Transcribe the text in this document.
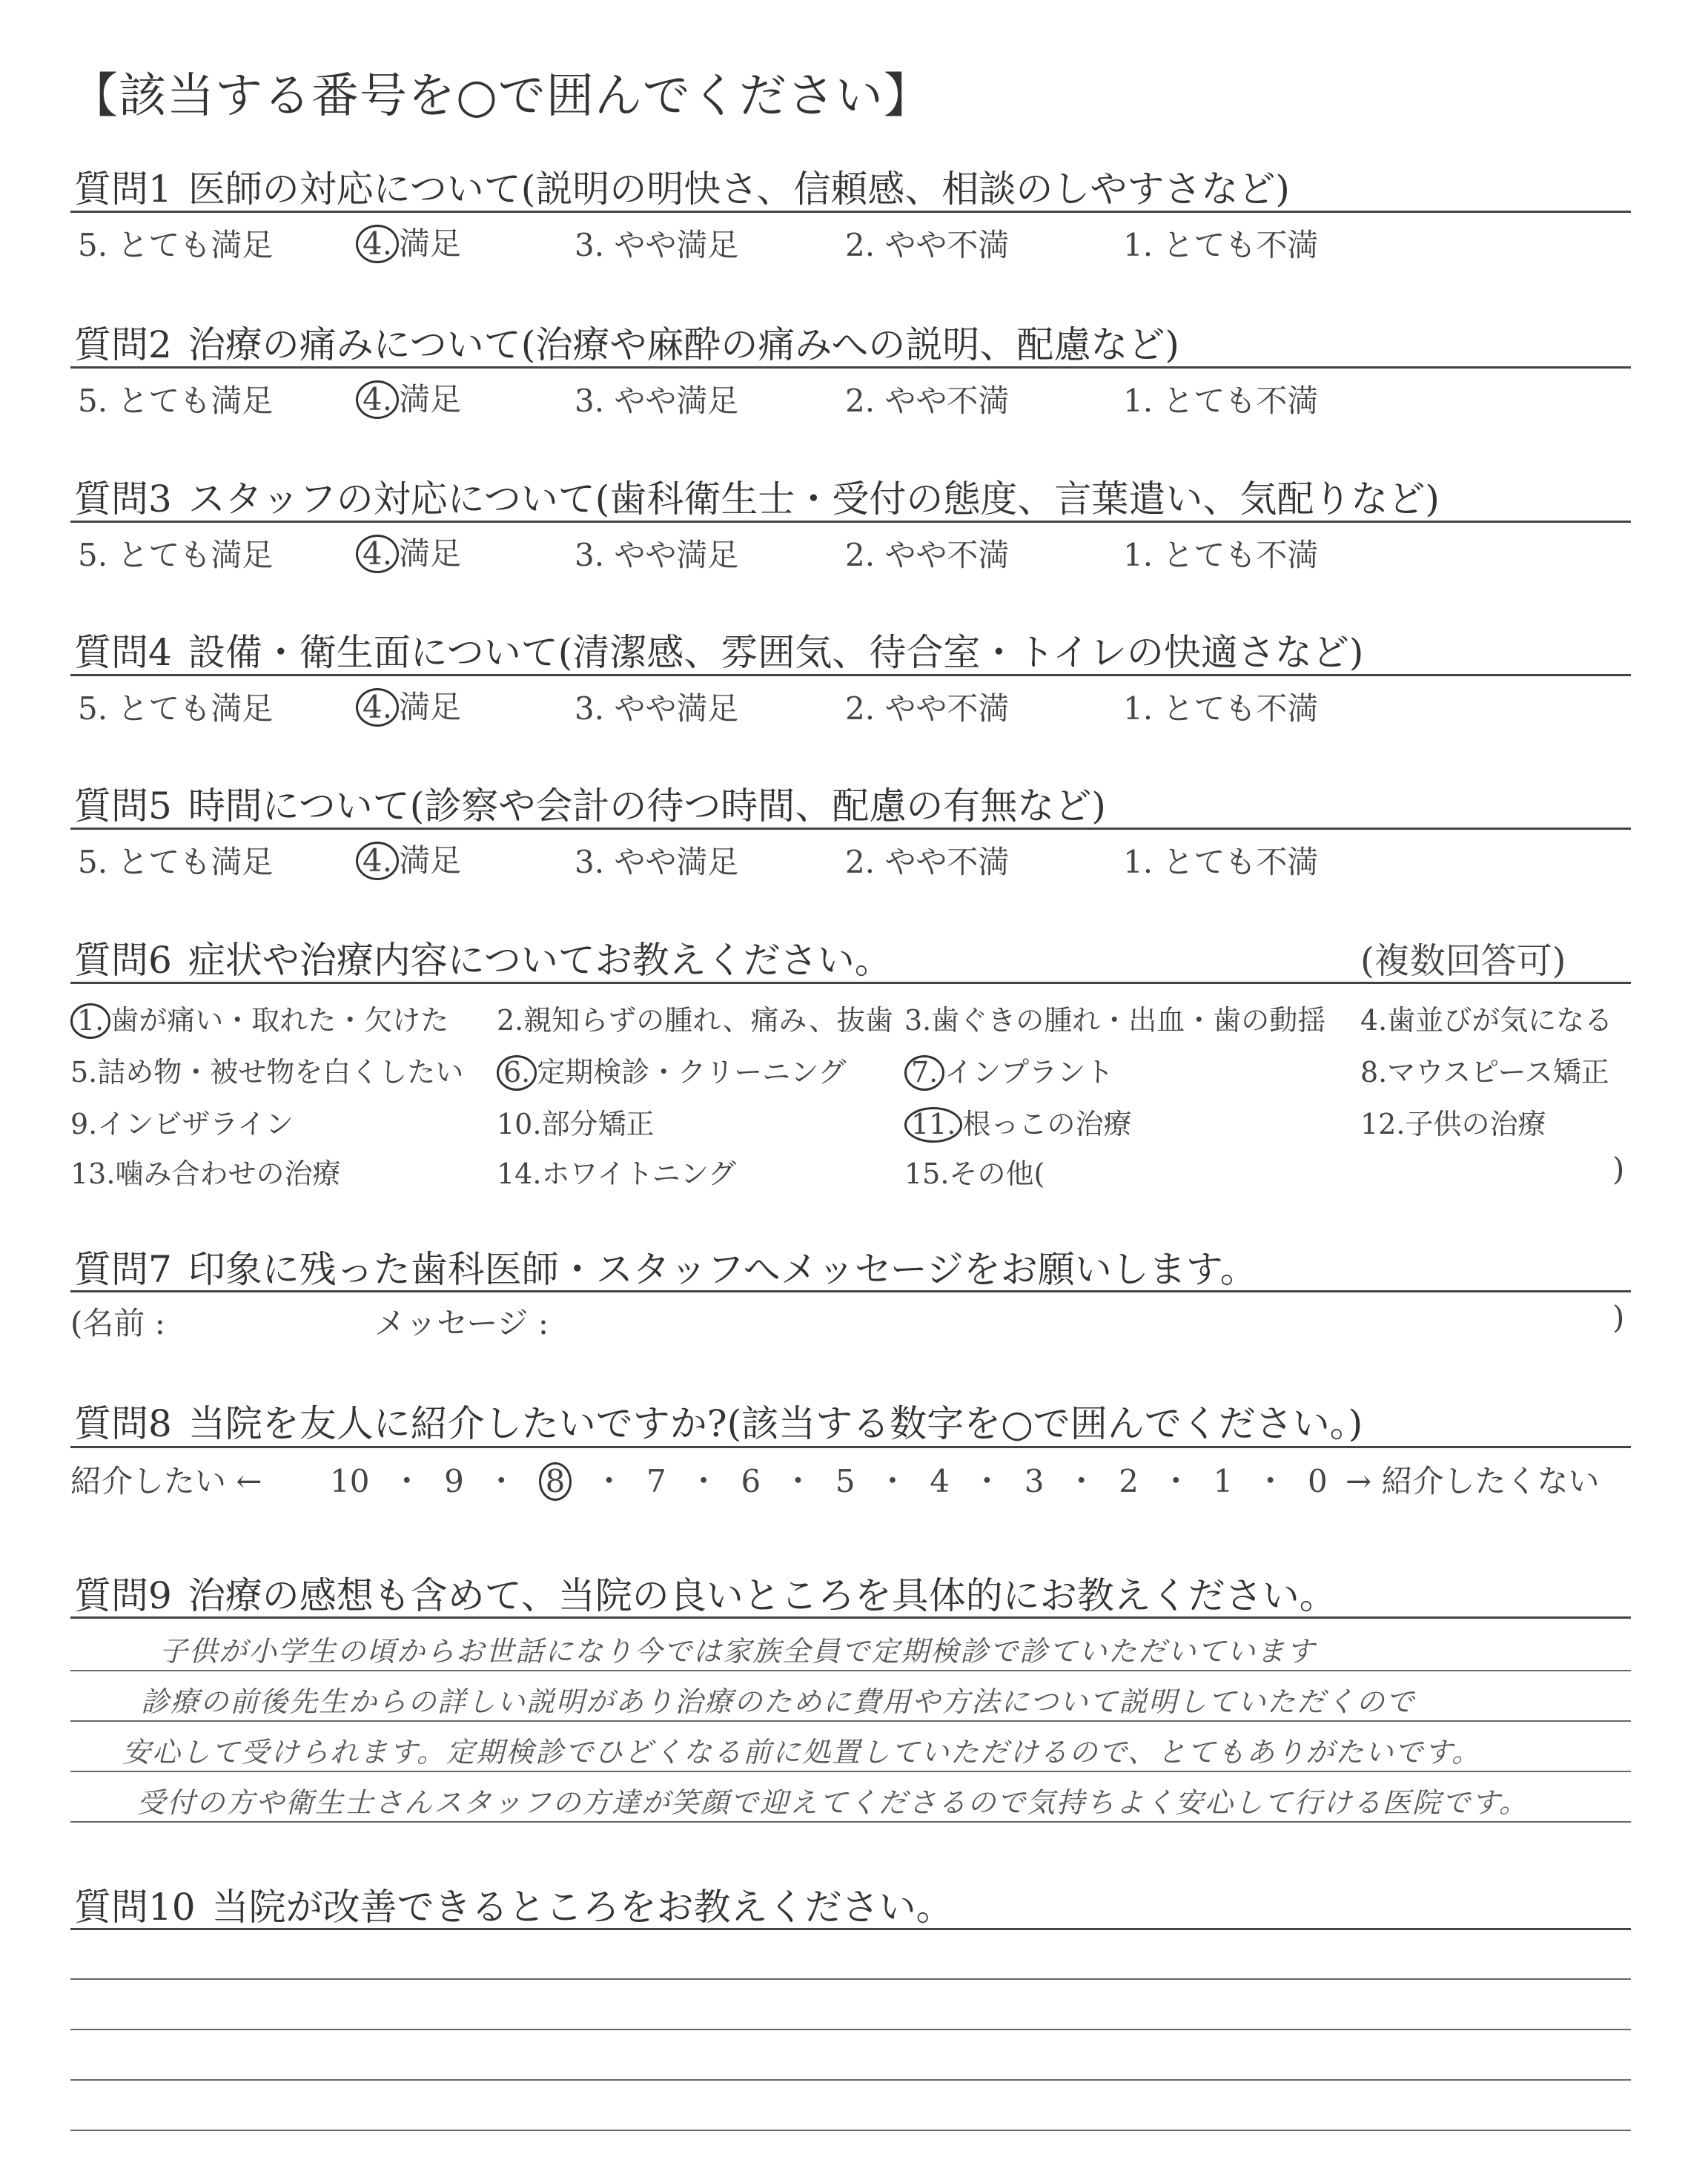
【該当する番号を○で囲んでください】
質問1 医師の対応について(説明の明快さ、信頼感、相談のしやすさなど)
5. とても満足	4. 満足	3. やや満足	2. やや不満	1. とても不満
質問2 治療の痛みについて(治療や麻酔の痛みへの説明、配慮など)
5. とても満足	4. 満足	3. やや満足	2. やや不満	1. とても不満
質問3 スタッフの対応について(歯科衛生士・受付の態度、言葉遣い、気配りなど)
5. とても満足	4. 満足	3. やや満足	2. やや不満	1. とても不満
質問4 設備・衛生面について(清潔感、雰囲気、待合室・トイレの快適さなど)
5. とても満足	4. 満足	3. やや満足	2. やや不満	1. とても不満
質問5 時間について(診察や会計の待つ時間、配慮の有無など)
5. とても満足	4. 満足	3. やや満足	2. やや不満	1. とても不満
質問6 症状や治療内容についてお教えください。	(複数回答可)
1. 歯が痛い・取れた・欠けた 2.親知らずの腫れ、痛み、抜歯 3.歯ぐきの腫れ・出血・歯の動揺 4.歯並びが気になる
5.詰め物・被せ物を白くしたい 6. 定期検診・クリーニング 7. インプラント	8.マウスピース矯正
9.インビザライン	10.部分矯正	11. 根っこの治療	12.子供の治療
13.噛み合わせの治療	14.ホワイトニング	15.その他(	)
質問7 印象に残った歯科医師・スタッフへメッセージをお願いします。
(名前 :	メッセージ :	)
質問8 当院を友人に紹介したいですか?(該当する数字を○で囲んでください。)
紹介したい ← 10 ・ 9 ・ 8 ・ 7 ・ 6 ・ 5 ・ 4 ・ 3 ・ 2 ・ 1 ・ 0 → 紹介したくない
質問9 治療の感想も含めて、当院の良いところを具体的にお教えください。
子供が小学生の頃からお世話になり今では家族全員で定期検診で診ていただいています
診療の前後先生からの詳しい説明があり治療のために費用や方法について説明していただくので
安心して受けられます。定期検診でひどくなる前に処置していただけるので、とてもありがたいです。
受付の方や衛生士さんスタッフの方達が笑顔で迎えてくださるので気持ちよく安心して行ける医院です。
質問10 当院が改善できるところをお教えください。
